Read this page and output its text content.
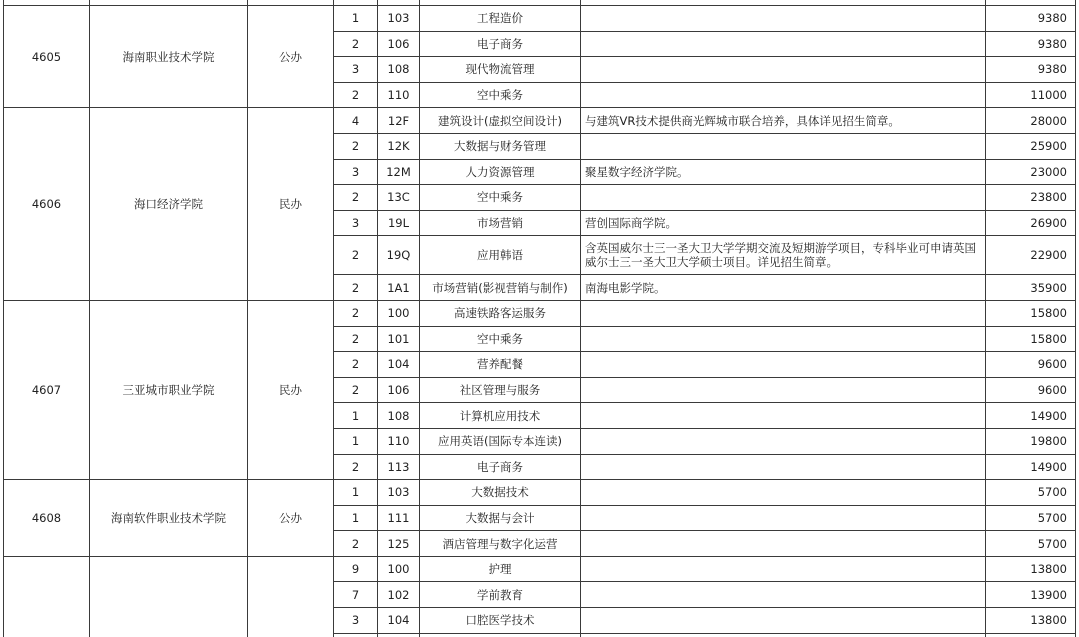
4605	海南职业技术学院	公办	1	103	工程造价		9380
			2	106	电子商务		9380
			3	108	现代物流管理		9380
			2	110	空中乘务		11000
4606	海口经济学院	民办	4	12F	建筑设计(虚拟空间设计)	与建筑VR技术提供商光辉城市联合培养，具体详见招生简章。	28000
			2	12K	大数据与财务管理		25900
			3	12M	人力资源管理	聚星数字经济学院。	23000
			2	13C	空中乘务		23800
			3	19L	市场营销	营创国际商学院。	26900
			2	19Q	应用韩语	含英国威尔士三一圣大卫大学学期交流及短期游学项目，专科毕业可申请英国威尔士三一圣大卫大学硕士项目。详见招生简章。	22900
			2	1A1	市场营销(影视营销与制作)	南海电影学院。	35900
4607	三亚城市职业学院	民办	2	100	高速铁路客运服务		15800
			2	101	空中乘务		15800
			2	104	营养配餐		9600
			2	106	社区管理与服务		9600
			1	108	计算机应用技术		14900
			1	110	应用英语(国际专本连读)		19800
			2	113	电子商务		14900
4608	海南软件职业技术学院	公办	1	103	大数据技术		5700
			1	111	大数据与会计		5700
			2	125	酒店管理与数字化运营		5700
			9	100	护理		13800
			7	102	学前教育		13900
			3	104	口腔医学技术		13800
